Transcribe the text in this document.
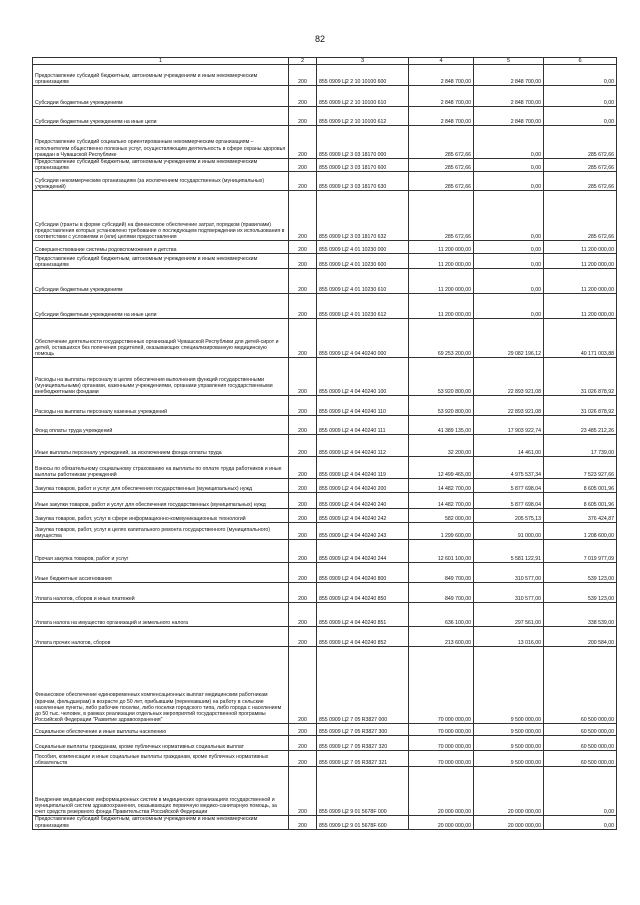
82
1	2	3	4	5	6
Предоставление субсидий бюджетным, автономным учреждениям и иным некоммерческим организациям	200	855 0909 Ц2 2 10 10100 600	2 848 700,00	2 848 700,00	0,00
Субсидии бюджетным учреждениям	200	855 0909 Ц2 2 10 10100 610	2 848 700,00	2 848 700,00	0,00
Субсидии бюджетным учреждениям на иные цели	200	855 0909 Ц2 2 10 10100 612	2 848 700,00	2 848 700,00	0,00
Предоставление субсидий социально ориентированным некоммерческим организациям – исполнителям общественно полезных услуг, осуществляющим деятельность в сфере охраны здоровья граждан в Чувашской Республике	200	855 0909 Ц2 3 03 18170 000	285 672,66	0,00	285 672,66
Предоставление субсидий бюджетным, автономным учреждениям и иным некоммерческим организациям	200	855 0909 Ц2 3 03 18170 600	285 672,66	0,00	285 672,66
Субсидии некоммерческим организациям (за исключением государственных (муниципальных) учреждений)	200	855 0909 Ц2 3 03 18170 630	285 672,66	0,00	285 672,66
Субсидии (гранты в форме субсидий) на финансовое обеспечение затрат, порядком (правилами) предоставления которых установлено требование о последующем подтверждении их использования в соответствии с условиями и (или) целями предоставления	200	855 0909 Ц2 3 03 18170 632	285 672,66	0,00	285 672,66
Совершенствование системы родовспоможения и детства	200	855 0909 Ц2 4 01 10230 000	11 200 000,00	0,00	11 200 000,00
Предоставление субсидий бюджетным, автономным учреждениям и иным некоммерческим организациям	200	855 0909 Ц2 4 01 10230 600	11 200 000,00	0,00	11 200 000,00
Субсидии бюджетным учреждениям	200	855 0909 Ц2 4 01 10230 610	11 200 000,00	0,00	11 200 000,00
Субсидии бюджетным учреждениям на иные цели	200	855 0909 Ц2 4 01 10230 612	11 200 000,00	0,00	11 200 000,00
Обеспечение деятельности государственных организаций Чувашской Республики для детей-сирот и детей, оставшихся без попечения родителей, оказывающих специализированную медицинскую помощь	200	855 0909 Ц2 4 04 40240 000	69 253 200,00	29 082 196,12	40 171 003,88
Расходы на выплаты персоналу в целях обеспечения выполнения функций государственными (муниципальными) органами, казенными учреждениями, органами управления государственными внебюджетными фондами	200	855 0909 Ц2 4 04 40240 100	53 920 800,00	22 893 921,08	31 026 878,92
Расходы на выплаты персоналу казенных учреждений	200	855 0909 Ц2 4 04 40240 110	53 920 800,00	22 893 921,08	31 026 878,92
Фонд оплаты труда учреждений	200	855 0909 Ц2 4 04 40240 111	41 389 135,00	17 903 922,74	23 485 212,26
Иные выплаты персоналу учреждений, за исключением фонда оплаты труда	200	855 0909 Ц2 4 04 40240 112	32 200,00	14 461,00	17 739,00
Взносы по обязательному социальному страхованию на выплаты по оплате труда работников и иные выплаты работникам учреждений	200	855 0909 Ц2 4 04 40240 119	12 499 465,00	4 975 537,34	7 523 927,66
Закупка товаров, работ и услуг для обеспечения государственных (муниципальных) нужд	200	855 0909 Ц2 4 04 40240 200	14 482 700,00	5 877 698,04	8 605 001,96
Иные закупки товаров, работ и услуг для обеспечения государственных (муниципальных) нужд	200	855 0909 Ц2 4 04 40240 240	14 482 700,00	5 877 698,04	8 605 001,96
Закупка товаров, работ, услуг в сфере информационно-коммуникационных технологий	200	855 0909 Ц2 4 04 40240 242	582 000,00	205 575,13	376 424,87
Закупка товаров, работ, услуг в целях капитального ремонта государственного (муниципального) имущества	200	855 0909 Ц2 4 04 40240 243	1 299 600,00	91 000,00	1 208 600,00
Прочая закупка товаров, работ и услуг	200	855 0909 Ц2 4 04 40240 244	12 601 100,00	5 581 122,91	7 019 977,09
Иные бюджетные ассигнования	200	855 0909 Ц2 4 04 40240 800	849 700,00	310 577,00	539 123,00
Уплата налогов, сборов и иных платежей	200	855 0909 Ц2 4 04 40240 850	849 700,00	310 577,00	539 123,00
Уплата налога на имущество организаций и земельного налога	200	855 0909 Ц2 4 04 40240 851	636 100,00	297 561,00	338 539,00
Уплата прочих налогов, сборов	200	855 0909 Ц2 4 04 40240 852	213 600,00	13 016,00	200 584,00
Финансовое обеспечение единовременных компенсационных выплат медицинским работникам (врачам, фельдшерам) в возрасте до 50 лет, прибывшим (переехавшим) на работу в сельские населенные пункты, либо рабочие поселки, либо поселки городского типа, либо города с населением до 50 тыс. человек, в рамках реализации отдельных мероприятий государственной программы Российской Федерации "Развитие здравоохранения"	200	855 0909 Ц2 7 05 R3827 000	70 000 000,00	9 500 000,00	60 500 000,00
Социальное обеспечение и иные выплаты населению	200	855 0909 Ц2 7 05 R3827 300	70 000 000,00	9 500 000,00	60 500 000,00
Социальные выплаты гражданам, кроме публичных нормативных социальных выплат	200	855 0909 Ц2 7 05 R3827 320	70 000 000,00	9 500 000,00	60 500 000,00
Пособия, компенсации и иные социальные выплаты гражданам, кроме публичных нормативных обязательств	200	855 0909 Ц2 7 05 R3827 321	70 000 000,00	9 500 000,00	60 500 000,00
Внедрение медицинских информационных систем в медицинских организациях государственной и муниципальной систем здравоохранения, оказывающих первичную медико-санитарную помощь, за счет средств резервного фонда Правительства Российской Федерации	200	855 0909 Ц2 9 01 5678F 000	20 000 000,00	20 000 000,00	0,00
Предоставление субсидий бюджетным, автономным учреждениям и иным некоммерческим организациям	200	855 0909 Ц2 9 01 5678F 600	20 000 000,00	20 000 000,00	0,00
